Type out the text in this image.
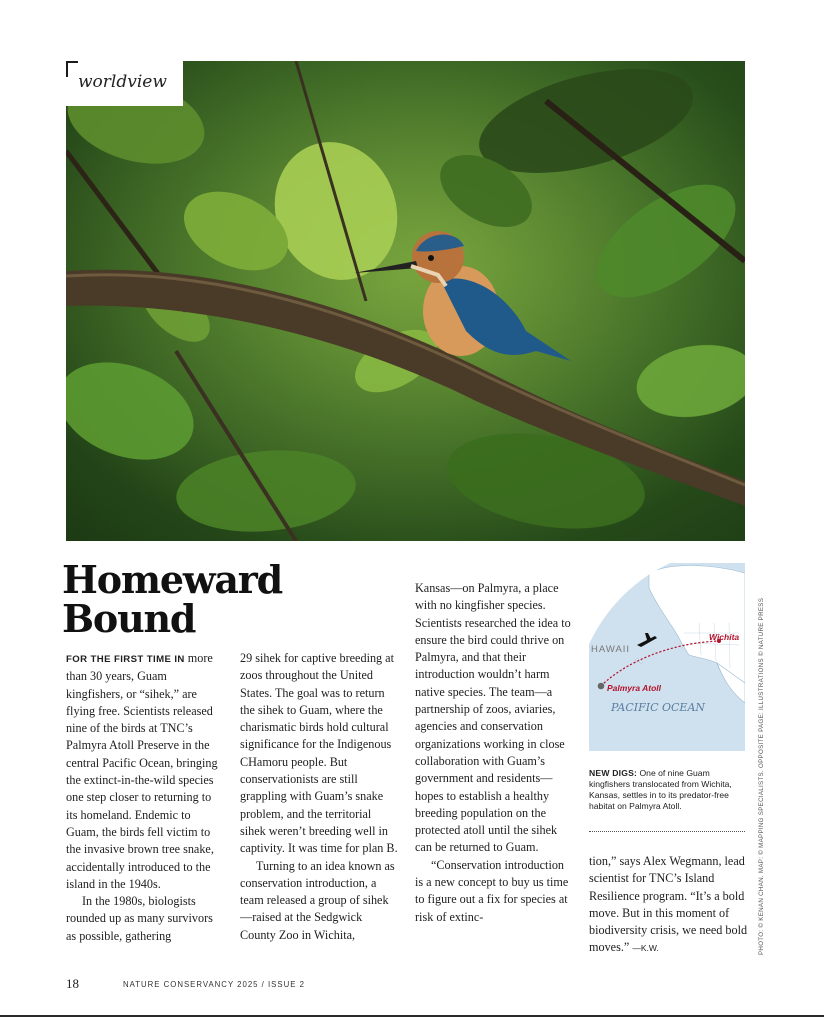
worldview
Homeward
Bound

FOR THE FIRST TIME IN more than 30 years, Guam kingfishers, or “sihek,” are flying free. Scientists released nine of the birds at TNC’s Palmyra Atoll Preserve in the central Pacific Ocean, bringing the extinct-in-the-wild species one step closer to returning to its homeland. Endemic to Guam, the birds fell victim to the invasive brown tree snake, accidentally introduced to the island in the 1940s.

In the 1980s, biologists rounded up as many survivors as possible, gathering

29 sihek for captive breeding at zoos throughout the United States. The goal was to return the sihek to Guam, where the charismatic birds hold cultural significance for the Indigenous CHamoru people. But conservationists are still grappling with Guam’s snake problem, and the territorial sihek weren’t breeding well in captivity. It was time for plan B.

Turning to an idea known as conservation introduction, a team released a group of sihek—raised at the Sedgwick County Zoo in Wichita,

Kansas—on Palmyra, a place with no kingfisher species. Scientists researched the idea to ensure the bird could thrive on Palmyra, and that their introduction wouldn’t harm native species. The team—a partnership of zoos, aviaries, agencies and conservation organizations working in close collaboration with Guam’s government and residents—hopes to establish a healthy breeding population on the protected atoll until the sihek can be returned to Guam.

“Conservation introduction is a new concept to buy us time to figure out a fix for species at risk of extinc-

HAWAII
Wichita
Palmyra Atoll
PACIFIC OCEAN
NEW DIGS: One of nine Guam kingfishers translocated from Wichita, Kansas, settles in to its predator-free habitat on Palmyra Atoll.

tion,” says Alex Wegmann, lead scientist for TNC’s Island Resilience program. “It’s a bold move. But in this moment of biodiversity crisis, we need bold moves.” —K.W.	PHOTO: © KENAN CHAN. MAP: © MAPPING SPECIALISTS. OPPOSITE PAGE: ILLUSTRATIONS © NATURE PRESS
18	NATURE CONSERVANCY 2025 / ISSUE 2
